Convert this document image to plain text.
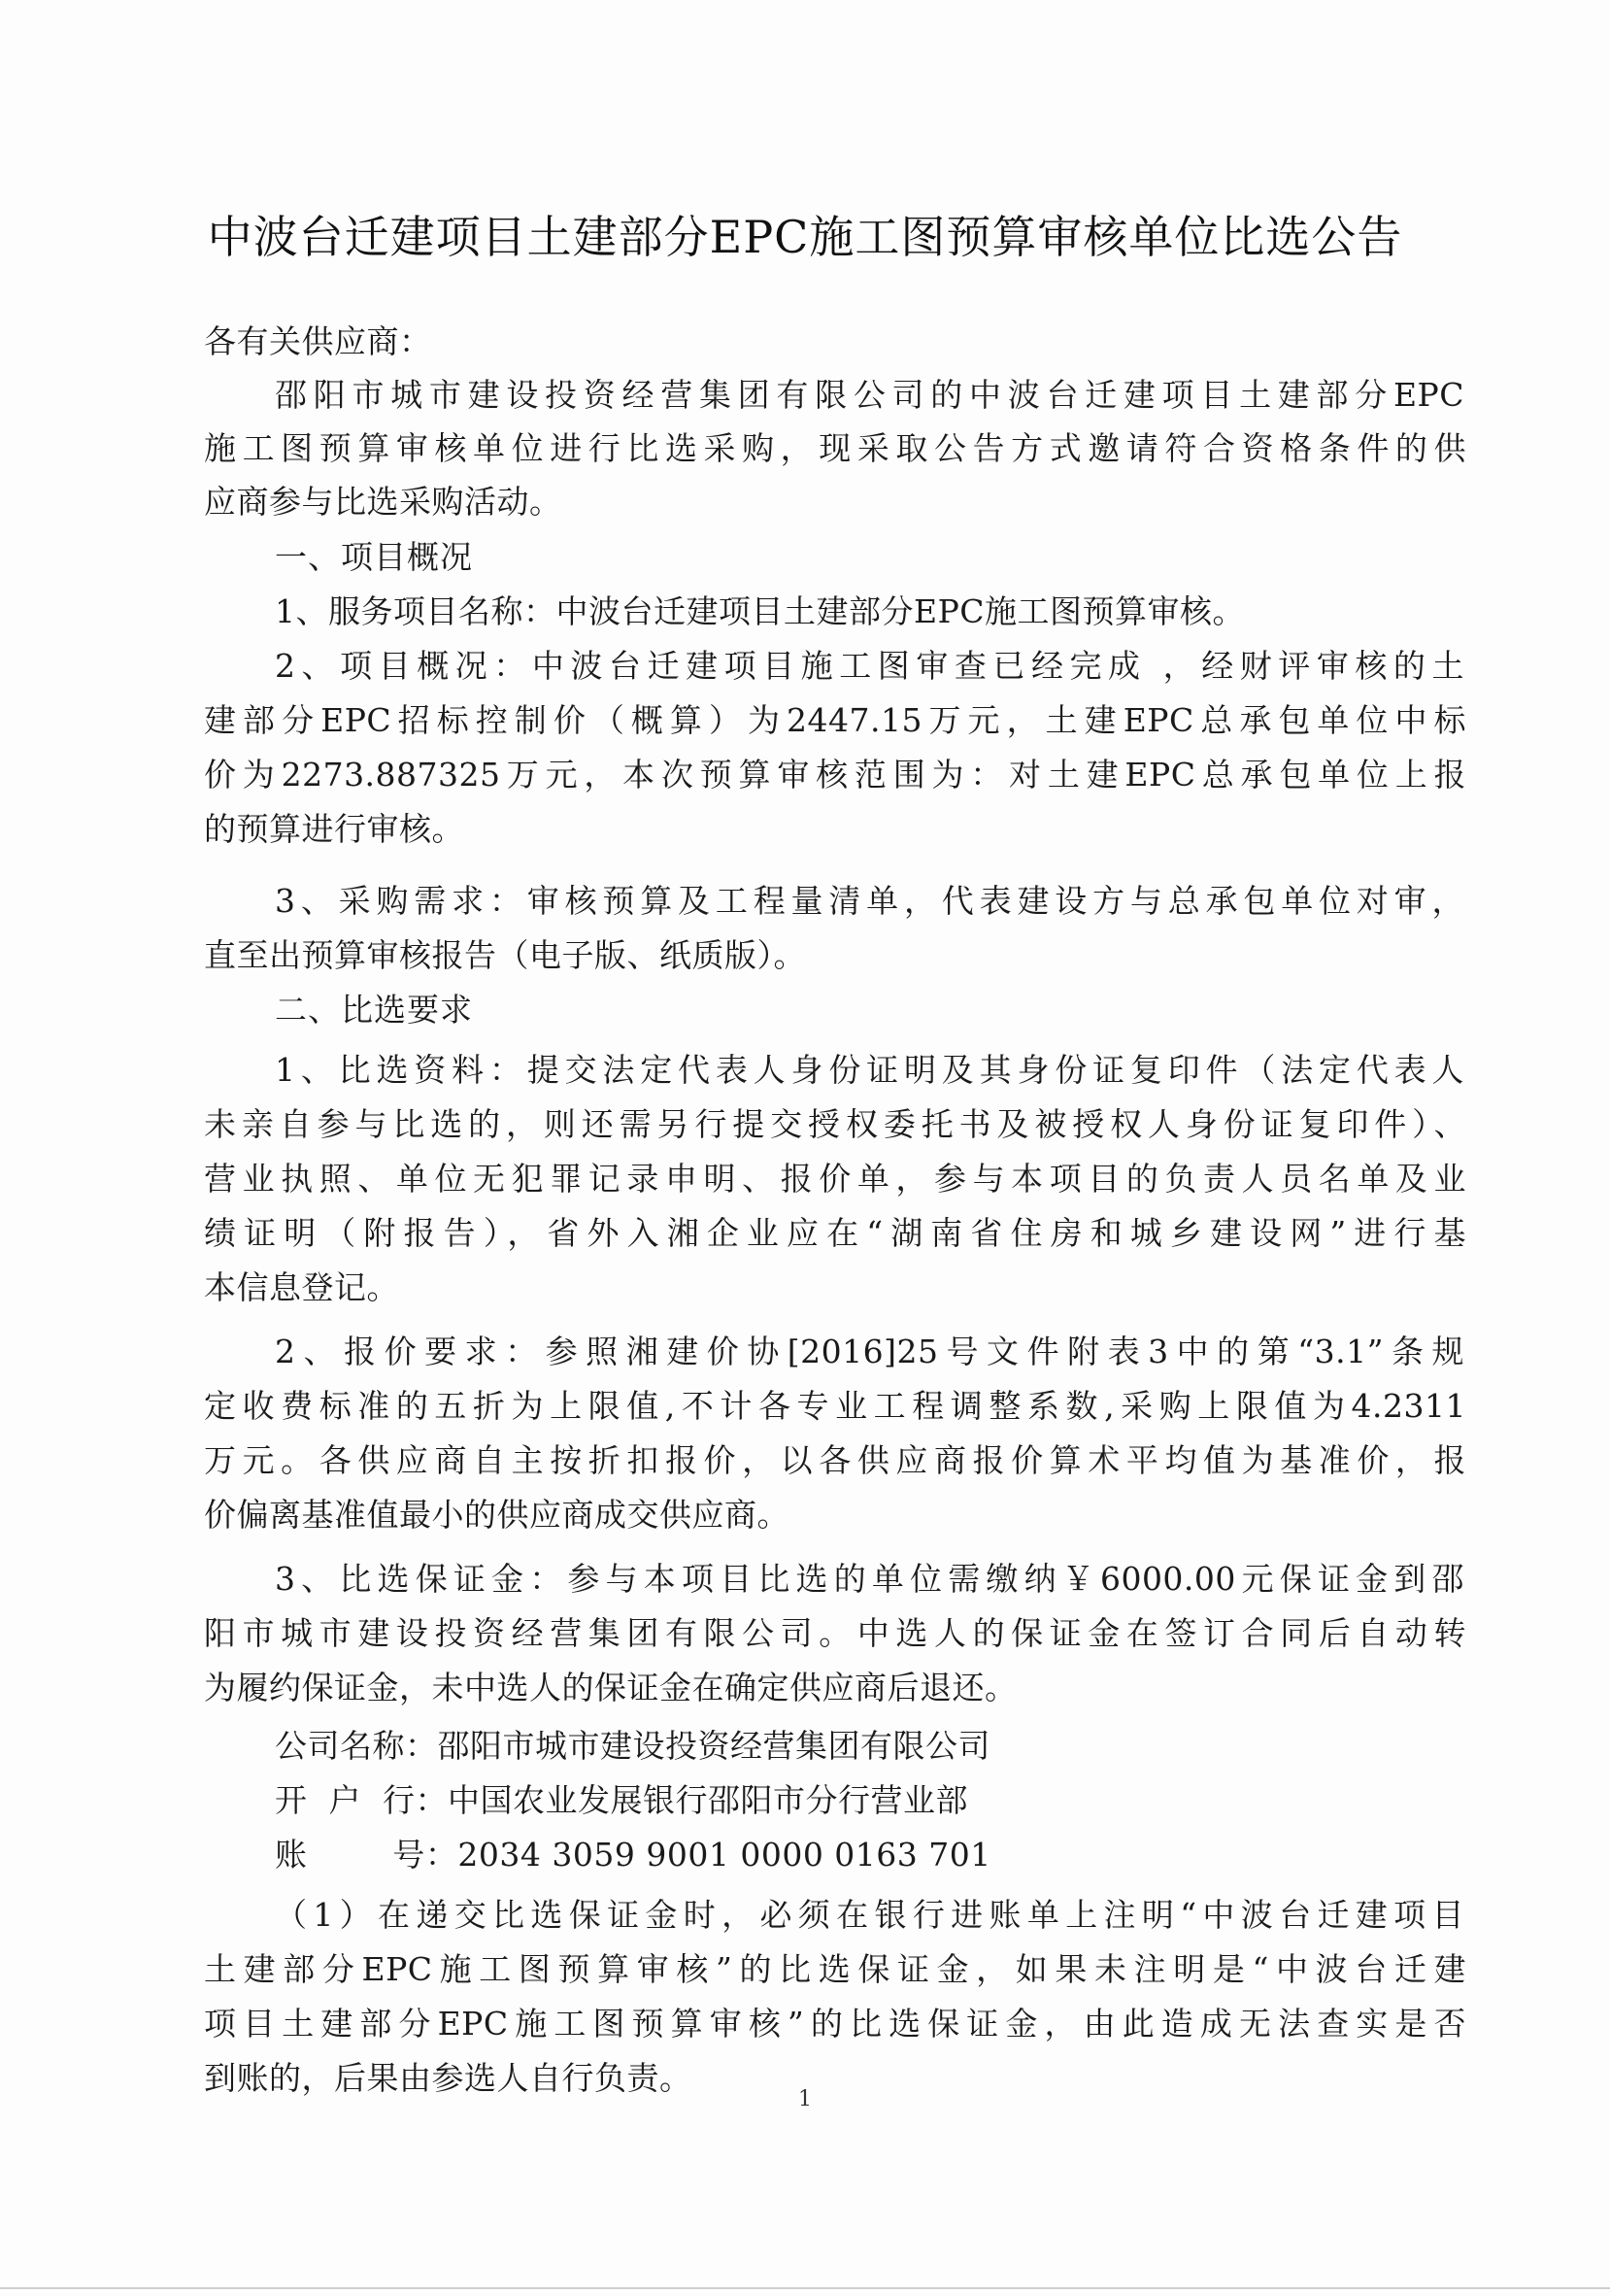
中波台迁建项目土建部分EPC施工图预算审核单位比选公告
各有关供应商：
邵阳市城市建设投资经营集团有限公司的中波台迁建项目土建部分EPC
施工图预算审核单位进行比选采购，现采取公告方式邀请符合资格条件的供
应商参与比选采购活动。
一、项目概况
1、服务项目名称：中波台迁建项目土建部分EPC施工图预算审核。
2、项目概况：中波台迁建项目施工图审查已经完成 ，经财评审核的土
建部分EPC招标控制价（概算）为2447.15万元，土建EPC总承包单位中标
价为2273.887325万元，本次预算审核范围为：对土建EPC总承包单位上报
的预算进行审核。
3、采购需求：审核预算及工程量清单，代表建设方与总承包单位对审，
直至出预算审核报告（电子版、纸质版）。
二、比选要求
1、比选资料：提交法定代表人身份证明及其身份证复印件（法定代表人
未亲自参与比选的，则还需另行提交授权委托书及被授权人身份证复印件）、
营业执照、单位无犯罪记录申明、报价单，参与本项目的负责人员名单及业
绩证明（附报告），省外入湘企业应在“湖南省住房和城乡建设网”进行基
本信息登记。
2、报价要求：参照湘建价协[2016]25号文件附表3中的第“3.1”条规
定收费标准的五折为上限值,不计各专业工程调整系数,采购上限值为4.2311
万元。各供应商自主按折扣报价，以各供应商报价算术平均值为基准价，报
价偏离基准值最小的供应商成交供应商。
3、比选保证金：参与本项目比选的单位需缴纳￥6000.00元保证金到邵
阳市城市建设投资经营集团有限公司。中选人的保证金在签订合同后自动转
为履约保证金，未中选人的保证金在确定供应商后退还。
公司名称：邵阳市城市建设投资经营集团有限公司
开  户  行：中国农业发展银行邵阳市分行营业部
账        号：2034 3059 9001 0000 0163 701
（1）在递交比选保证金时，必须在银行进账单上注明“中波台迁建项目
土建部分EPC施工图预算审核”的比选保证金，如果未注明是“中波台迁建
项目土建部分EPC施工图预算审核”的比选保证金，由此造成无法查实是否
到账的，后果由参选人自行负责。
1
